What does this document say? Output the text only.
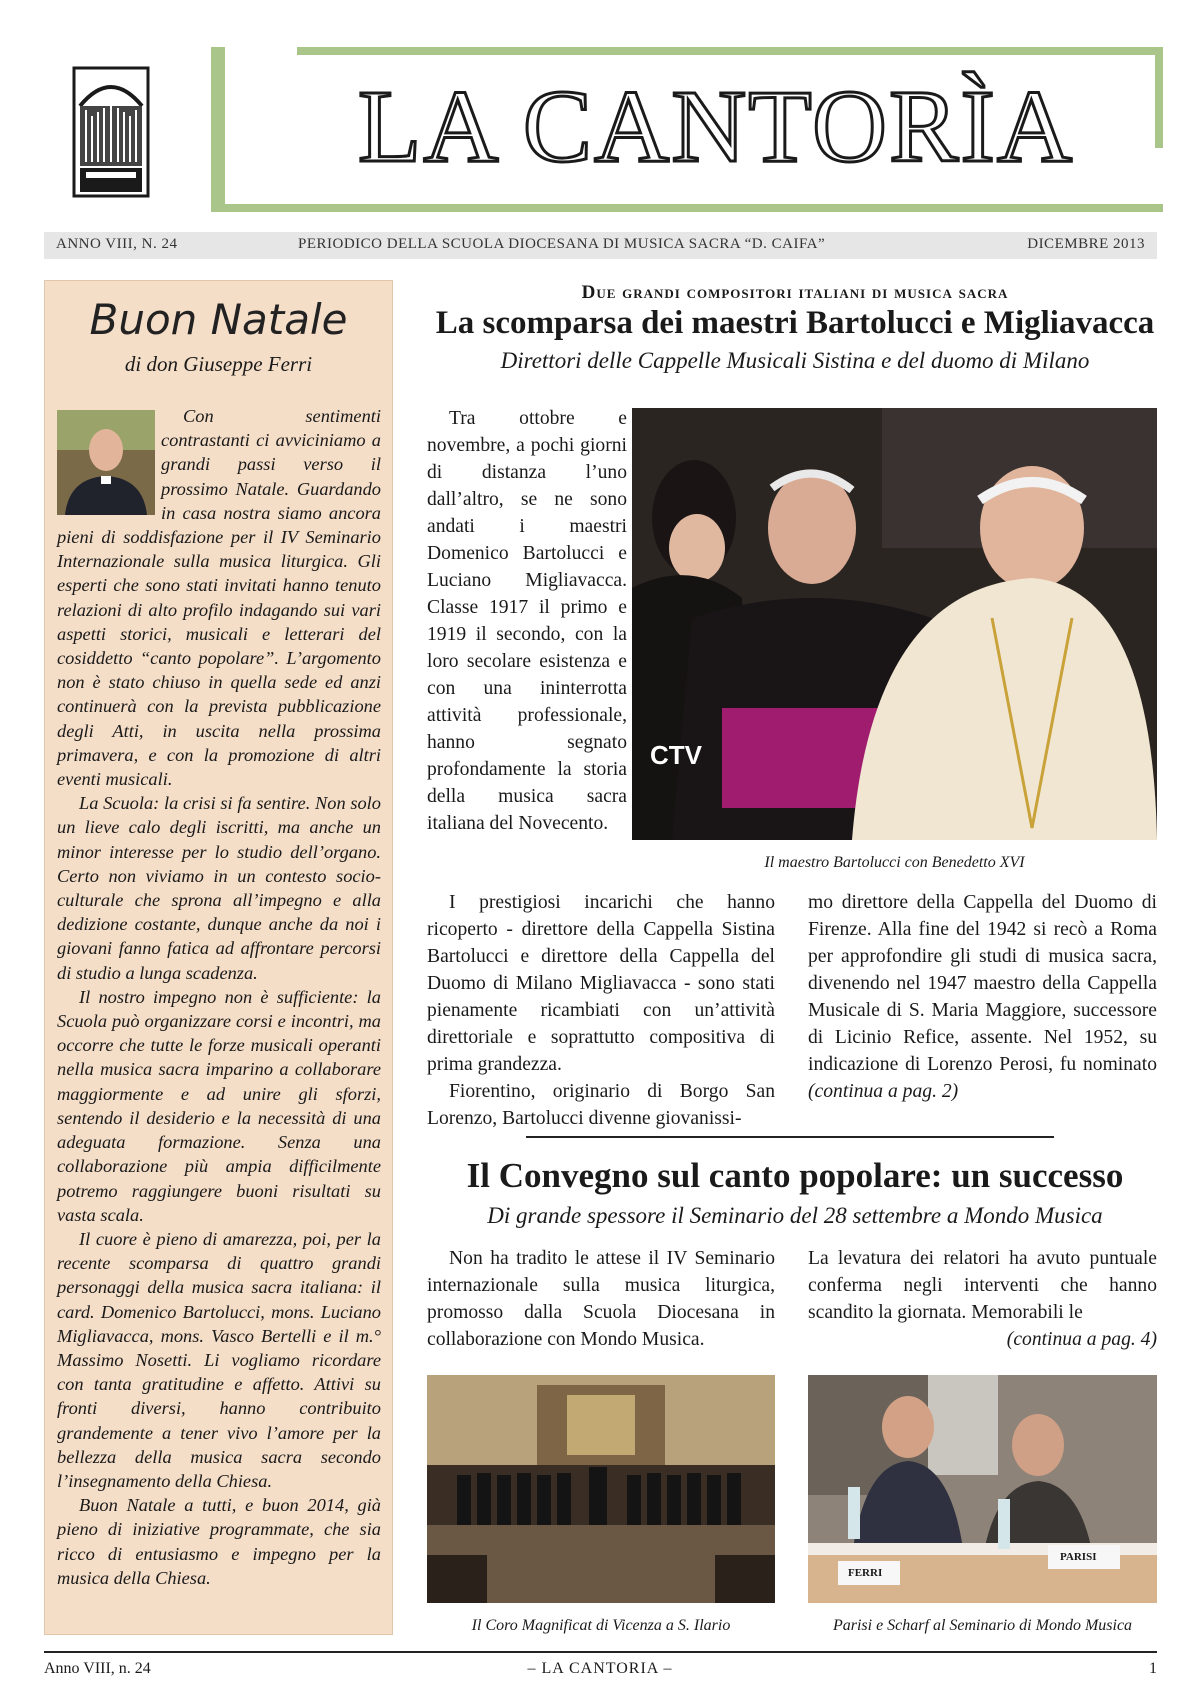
LA CANTORÌA
ANNO VIII, N. 24	PERIODICO DELLA SCUOLA DIOCESANA DI MUSICA SACRA “D. CAIFA”	DICEMBRE 2013
Buon Natale
di don Giuseppe Ferri

Con sentimenti contrastanti ci avviciniamo a grandi passi verso il prossimo Natale. Guardando in casa nostra siamo ancora pieni di soddisfazione per il IV Seminario Internazionale sulla musica liturgica. Gli esperti che sono stati invitati hanno tenuto relazioni di alto profilo indagando sui vari aspetti storici, musicali e letterari del cosiddetto “canto popolare”. L’argomento non è stato chiuso in quella sede ed anzi continuerà con la prevista pubblicazione degli Atti, in uscita nella prossima primavera, e con la promozione di altri eventi musicali.

La Scuola: la crisi si fa sentire. Non solo un lieve calo degli iscritti, ma anche un minor interesse per lo studio dell’organo. Certo non viviamo in un contesto socio-culturale che sprona all’impegno e alla dedizione costante, dunque anche da noi i giovani fanno fatica ad affrontare percorsi di studio a lunga scadenza.

Il nostro impegno non è sufficiente: la Scuola può organizzare corsi e incontri, ma occorre che tutte le forze musicali operanti nella musica sacra imparino a collaborare maggiormente e ad unire gli sforzi, sentendo il desiderio e la necessità di una adeguata formazione. Senza una collaborazione più ampia difficilmente potremo raggiungere buoni risultati su vasta scala.

Il cuore è pieno di amarezza, poi, per la recente scomparsa di quattro grandi personaggi della musica sacra italiana: il card. Domenico Bartolucci, mons. Luciano Migliavacca, mons. Vasco Bertelli e il m.° Massimo Nosetti. Li vogliamo ricordare con tanta gratitudine e affetto. Attivi su fronti diversi, hanno contribuito grandemente a tener vivo l’amore per la bellezza della musica sacra secondo l’insegnamento della Chiesa.

Buon Natale a tutti, e buon 2014, già pieno di iniziative programmate, che sia ricco di entusiasmo e impegno per la musica della Chiesa.

Due grandi compositori italiani di musica sacra
La scomparsa dei maestri Bartolucci e Migliavacca
Direttori delle Cappelle Musicali Sistina e del duomo di Milano

Tra ottobre e novembre, a pochi giorni di distanza l’uno dall’altro, se ne sono andati i maestri Domenico Bartolucci e Luciano Migliavacca. Classe 1917 il primo e 1919 il secondo, con la loro secolare esistenza e con una ininterrotta attività professionale, hanno segnato profondamente la storia della musica sacra italiana del Novecento.

CTV
Il maestro Bartolucci con Benedetto XVI

I prestigiosi incarichi che hanno ricoperto - direttore della Cappella Sistina Bartolucci e direttore della Cappella del Duomo di Milano Migliavacca - sono stati pienamente ricambiati con un’attività direttoriale e soprattutto compositiva di prima grandezza.

Fiorentino, originario di Borgo San Lorenzo, Bartolucci divenne giovanissi-

mo direttore della Cappella del Duomo di Firenze. Alla fine del 1942 si recò a Roma per approfondire gli studi di musica sacra, divenendo nel 1947 maestro della Cappella Musicale di S. Maria Maggiore, successore di Licinio Refice, assente. Nel 1952, su indicazione di Lorenzo Perosi, fu nominato (continua a pag. 2)

Il Convegno sul canto popolare: un successo
Di grande spessore il Seminario del 28 settembre a Mondo Musica

Non ha tradito le attese il IV Seminario internazionale sulla musica liturgica, promosso dalla Scuola Diocesana in collaborazione con Mondo Musica.

La levatura dei relatori ha avuto puntuale conferma negli interventi che hanno scandito la giornata. Memorabili le
(continua a pag. 4)

FERRI
PARISI
Il Coro Magnificat di Vicenza a S. Ilario	Parisi e Scharf al Seminario di Mondo Musica
Anno VIII, n. 24	– LA CANTORIA –	1
